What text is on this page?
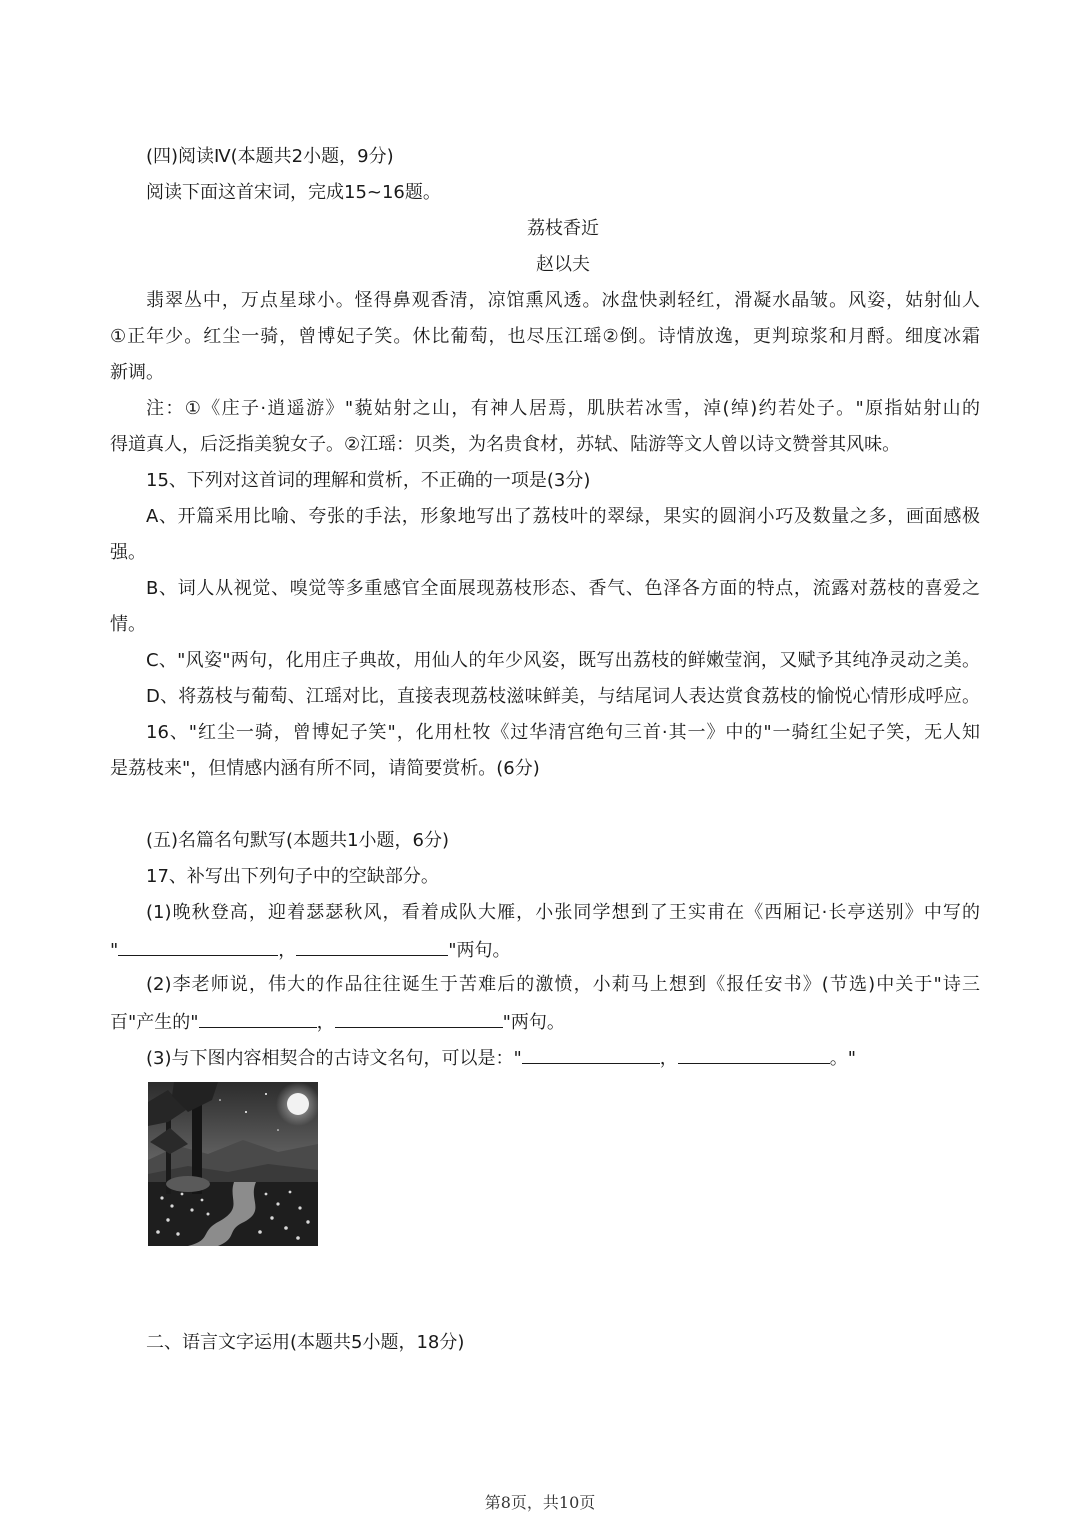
(四)阅读Ⅳ(本题共2小题，9分)
阅读下面这首宋词，完成15~16题。
荔枝香近
赵以夫
翡翠丛中，万点星球小。怪得鼻观香清，凉馆熏风透。冰盘快剥轻红，滑凝水晶皱。风姿，姑射仙人
①正年少。红尘一骑，曾博妃子笑。休比葡萄，也尽压江瑶②倒。诗情放逸，更判琼浆和月酹。细度冰霜
新调。
注：①《庄子·逍遥游》"藐姑射之山，有神人居焉，肌肤若冰雪，淖(绰)约若处子。"原指姑射山的
得道真人，后泛指美貌女子。②江瑶：贝类，为名贵食材，苏轼、陆游等文人曾以诗文赞誉其风味。
15、下列对这首词的理解和赏析，不正确的一项是(3分)
A、开篇采用比喻、夸张的手法，形象地写出了荔枝叶的翠绿，果实的圆润小巧及数量之多，画面感极
强。
B、词人从视觉、嗅觉等多重感官全面展现荔枝形态、香气、色泽各方面的特点，流露对荔枝的喜爱之
情。
C、"风姿"两句，化用庄子典故，用仙人的年少风姿，既写出荔枝的鲜嫩莹润，又赋予其纯净灵动之美。
D、将荔枝与葡萄、江瑶对比，直接表现荔枝滋味鲜美，与结尾词人表达赏食荔枝的愉悦心情形成呼应。
16、"红尘一骑，曾博妃子笑"，化用杜牧《过华清宫绝句三首·其一》中的"一骑红尘妃子笑，无人知
是荔枝来"，但情感内涵有所不同，请简要赏析。(6分)
(五)名篇名句默写(本题共1小题，6分)
17、补写出下列句子中的空缺部分。
(1)晚秋登高，迎着瑟瑟秋风，看着成队大雁，小张同学想到了王实甫在《西厢记·长亭送别》中写的
"	，	"两句。
(2)李老师说，伟大的作品往往诞生于苦难后的激愤，小莉马上想到《报任安书》(节选)中关于"诗三
百"产生的"	，	"两句。
(3)与下图内容相契合的古诗文名句，可以是："	，	。"
二、语言文字运用(本题共5小题，18分)
第8页，共10页
